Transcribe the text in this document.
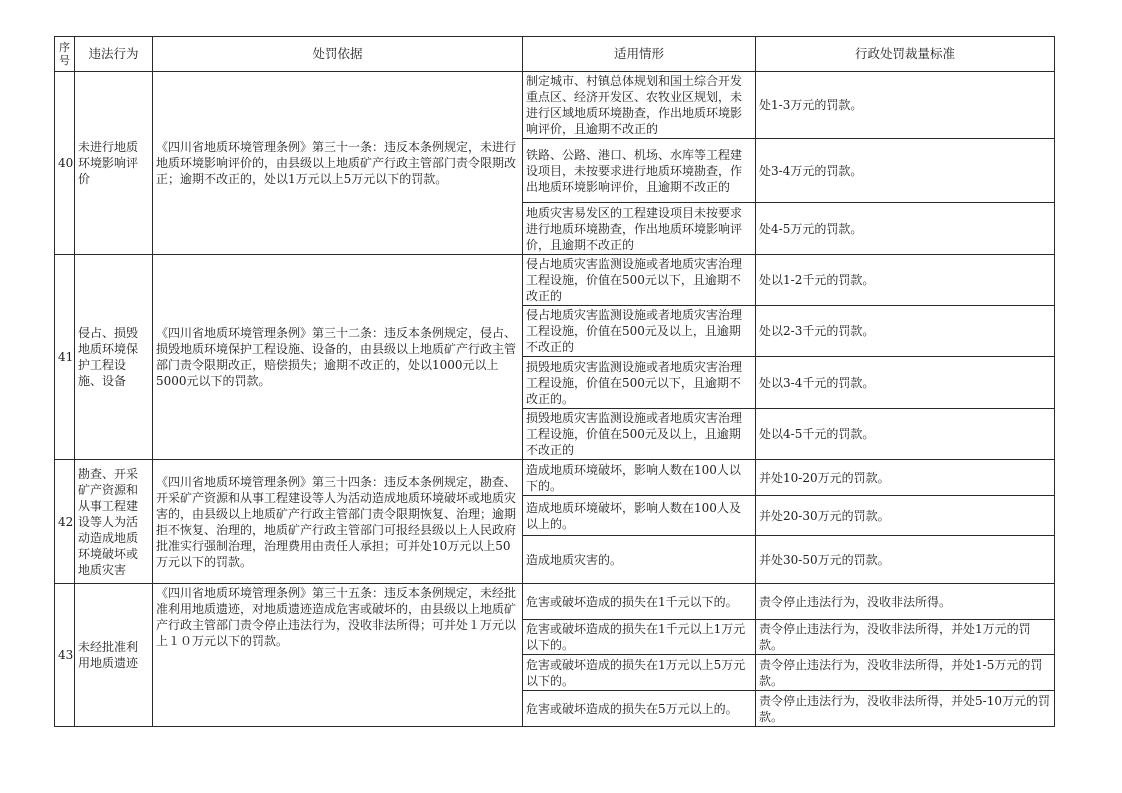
序号	违法行为	处罚依据	适用情形	行政处罚裁量标准
40	未进行地质环境影响评价	《四川省地质环境管理条例》第三十一条：违反本条例规定，未进行地质环境影响评价的，由县级以上地质矿产行政主管部门责令限期改正；逾期不改正的，处以1万元以上5万元以下的罚款。	制定城市、村镇总体规划和国土综合开发重点区、经济开发区、农牧业区规划，未进行区域地质环境勘查，作出地质环境影响评价，且逾期不改正的	处1-3万元的罚款。
			铁路、公路、港口、机场、水库等工程建设项目，未按要求进行地质环境勘查，作出地质环境影响评价，且逾期不改正的	处3-4万元的罚款。
			地质灾害易发区的工程建设项目未按要求进行地质环境勘查，作出地质环境影响评价，且逾期不改正的	处4-5万元的罚款。
41	侵占、损毁地质环境保护工程设施、设备	《四川省地质环境管理条例》第三十二条：违反本条例规定，侵占、损毁地质环境保护工程设施、设备的，由县级以上地质矿产行政主管部门责令限期改正，赔偿损失；逾期不改正的，处以1000元以上5000元以下的罚款。	侵占地质灾害监测设施或者地质灾害治理工程设施，价值在500元以下，且逾期不改正的	处以1-2千元的罚款。
			侵占地质灾害监测设施或者地质灾害治理工程设施，价值在500元及以上，且逾期不改正的	处以2-3千元的罚款。
			损毁地质灾害监测设施或者地质灾害治理工程设施，价值在500元以下，且逾期不改正的。	处以3-4千元的罚款。
			损毁地质灾害监测设施或者地质灾害治理工程设施，价值在500元及以上，且逾期不改正的	处以4-5千元的罚款。
42	勘查、开采矿产资源和从事工程建设等人为活动造成地质环境破坏或地质灾害	《四川省地质环境管理条例》第三十四条：违反本条例规定，勘查、开采矿产资源和从事工程建设等人为活动造成地质环境破坏或地质灾害的，由县级以上地质矿产行政主管部门责令限期恢复、治理；逾期拒不恢复、治理的，地质矿产行政主管部门可报经县级以上人民政府批准实行强制治理，治理费用由责任人承担；可并处10万元以上50万元以下的罚款。	造成地质环境破坏，影响人数在100人以下的。	并处10-20万元的罚款。
			造成地质环境破坏，影响人数在100人及以上的。	并处20-30万元的罚款。
			造成地质灾害的。	并处30-50万元的罚款。
43	未经批准利用地质遗迹	《四川省地质环境管理条例》第三十五条：违反本条例规定，未经批准利用地质遗迹，对地质遗迹造成危害或破坏的，由县级以上地质矿产行政主管部门责令停止违法行为，没收非法所得；可并处１万元以上１０万元以下的罚款。	危害或破坏造成的损失在1千元以下的。	责令停止违法行为，没收非法所得。
			危害或破坏造成的损失在1千元以上1万元以下的。	责令停止违法行为，没收非法所得，并处1万元的罚款。
			危害或破坏造成的损失在1万元以上5万元以下的。	责令停止违法行为，没收非法所得，并处1-5万元的罚款。
			危害或破坏造成的损失在5万元以上的。	责令停止违法行为，没收非法所得，并处5-10万元的罚款。
